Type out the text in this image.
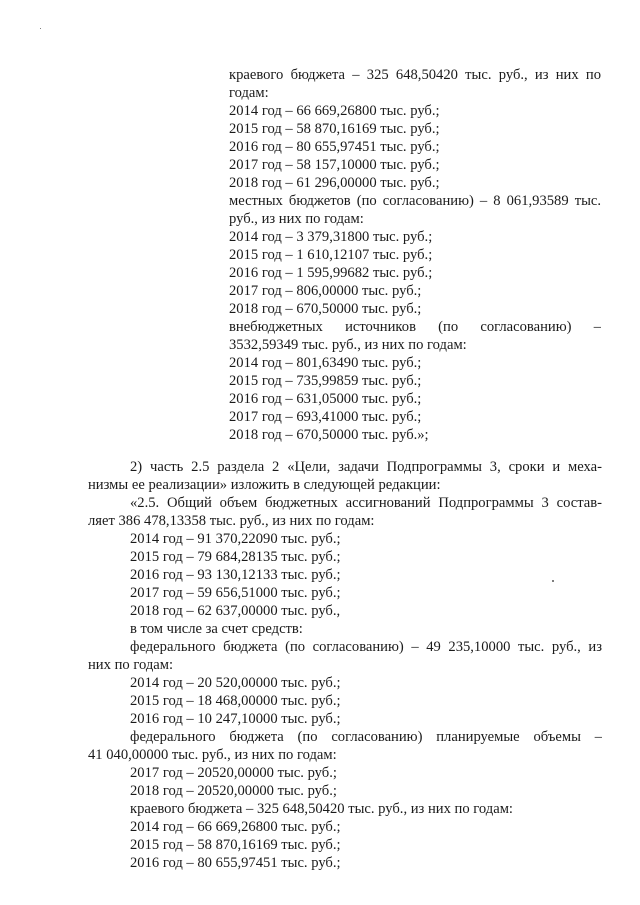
краевого бюджета – 325 648,50420 тыс. руб., из них по
годам:
2014 год – 66 669,26800 тыс. руб.;
2015 год – 58 870,16169 тыс. руб.;
2016 год – 80 655,97451 тыс. руб.;
2017 год – 58 157,10000 тыс. руб.;
2018 год – 61 296,00000 тыс. руб.;
местных бюджетов (по согласованию) – 8 061,93589 тыс.
руб., из них по годам:
2014 год – 3 379,31800 тыс. руб.;
2015 год – 1 610,12107 тыс. руб.;
2016 год – 1 595,99682 тыс. руб.;
2017 год – 806,00000 тыс. руб.;
2018 год – 670,50000 тыс. руб.;
внебюджетных источников (по согласованию) –
3532,59349 тыс. руб., из них по годам:
2014 год – 801,63490 тыс. руб.;
2015 год – 735,99859 тыс. руб.;
2016 год – 631,05000 тыс. руб.;
2017 год – 693,41000 тыс. руб.;
2018 год – 670,50000 тыс. руб.»;
2) часть 2.5 раздела 2 «Цели, задачи Подпрограммы 3, сроки и меха-
низмы ее реализации» изложить в следующей редакции:
«2.5. Общий объем бюджетных ассигнований Подпрограммы 3 состав-
ляет 386 478,13358 тыс. руб., из них по годам:
2014 год – 91 370,22090 тыс. руб.;
2015 год – 79 684,28135 тыс. руб.;
2016 год – 93 130,12133 тыс. руб.;
2017 год – 59 656,51000 тыс. руб.;
2018 год – 62 637,00000 тыс. руб.,
в том числе за счет средств:
федерального бюджета (по согласованию) – 49 235,10000 тыс. руб., из
них по годам:
2014 год – 20 520,00000 тыс. руб.;
2015 год – 18 468,00000 тыс. руб.;
2016 год – 10 247,10000 тыс. руб.;
федерального бюджета (по согласованию) планируемые объемы –
41 040,00000 тыс. руб., из них по годам:
2017 год – 20520,00000 тыс. руб.;
2018 год – 20520,00000 тыс. руб.;
краевого бюджета – 325 648,50420 тыс. руб., из них по годам:
2014 год – 66 669,26800 тыс. руб.;
2015 год – 58 870,16169 тыс. руб.;
2016 год – 80 655,97451 тыс. руб.;
